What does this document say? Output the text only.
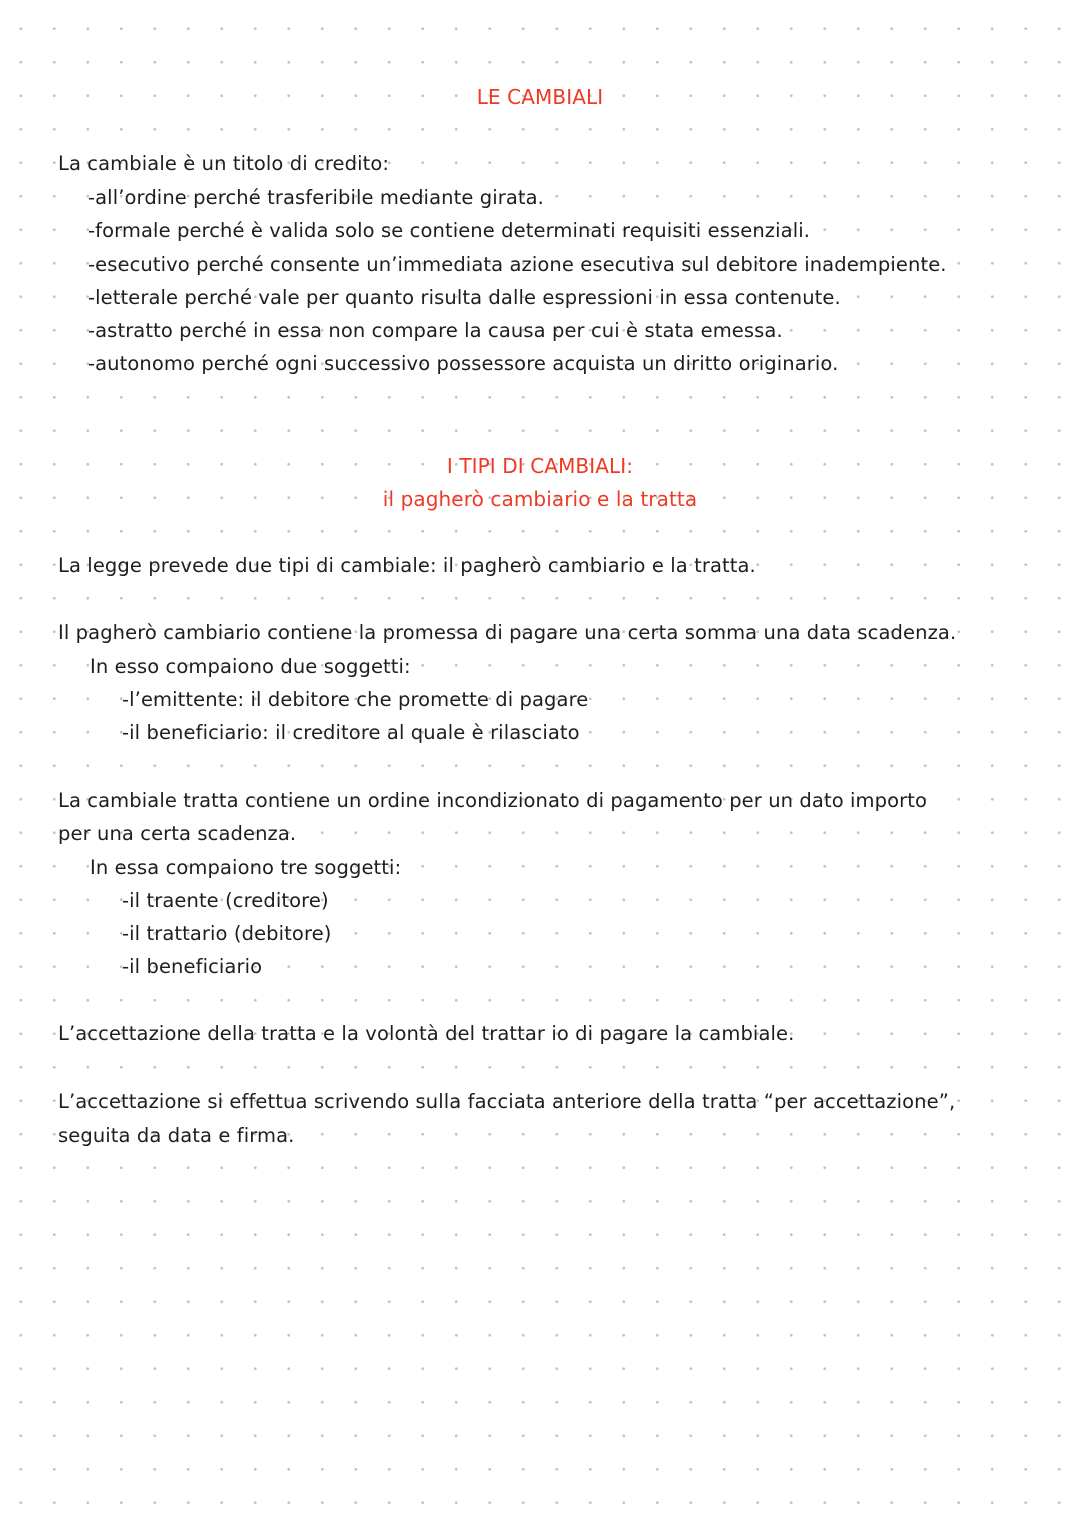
LE CAMBIALI
La cambiale è un titolo di credito:
-all’ordine perché trasferibile mediante girata.
-formale perché è valida solo se contiene determinati requisiti essenziali.
-esecutivo perché consente un’immediata azione esecutiva sul debitore inadempiente.
-letterale perché vale per quanto risulta dalle espressioni in essa contenute.
-astratto perché in essa non compare la causa per cui è stata emessa.
-autonomo perché ogni successivo possessore acquista un diritto originario.
I TIPI DI CAMBIALI:
il pagherò cambiario e la tratta
La legge prevede due tipi di cambiale: il pagherò cambiario e la tratta.
Il pagherò cambiario contiene la promessa di pagare una certa somma una data scadenza.
In esso compaiono due soggetti:
-l’emittente: il debitore che promette di pagare
-il beneficiario: il creditore al quale è rilasciato
La cambiale tratta contiene un ordine incondizionato di pagamento per un dato importo
per una certa scadenza.
In essa compaiono tre soggetti:
-il traente (creditore)
-il trattario (debitore)
-il beneficiario
L’accettazione della tratta e la volontà del trattar io di pagare la cambiale.
L’accettazione si effettua scrivendo sulla facciata anteriore della tratta “per accettazione”,
seguita da data e firma.
